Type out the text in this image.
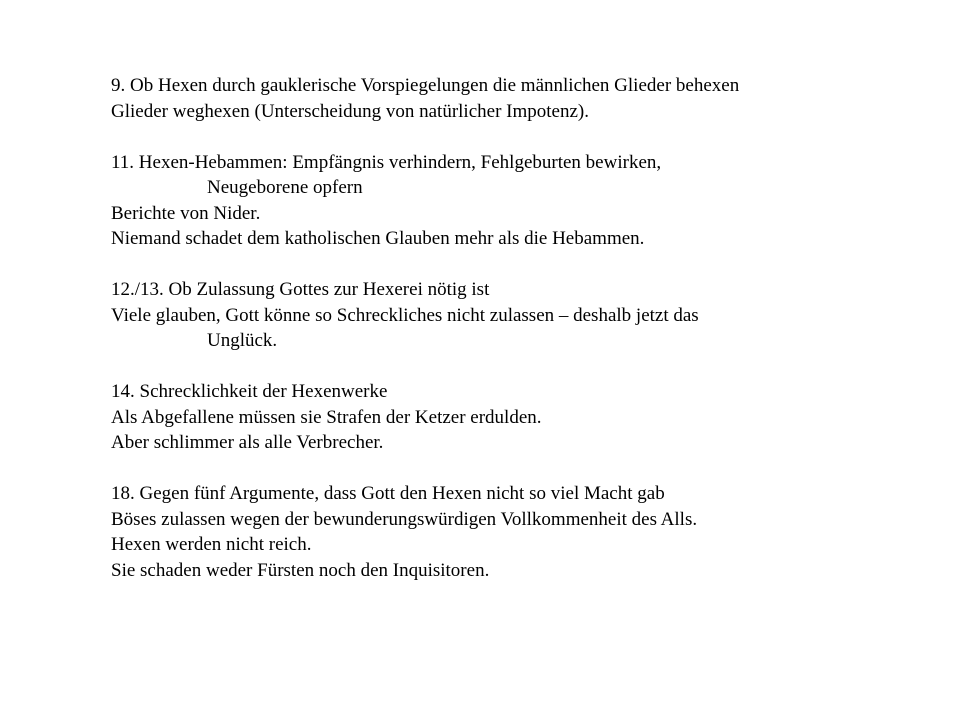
9. Ob Hexen durch gauklerische Vorspiegelungen die männlichen Glieder behexen
Glieder weghexen (Unterscheidung von natürlicher Impotenz).
11. Hexen-Hebammen: Empfängnis verhindern, Fehlgeburten bewirken,
Neugeborene opfern
Berichte von Nider.
Niemand schadet dem katholischen Glauben mehr als die Hebammen.
12./13. Ob Zulassung Gottes zur Hexerei nötig ist
Viele glauben, Gott könne so Schreckliches nicht zulassen – deshalb jetzt das
Unglück.
14. Schrecklichkeit der Hexenwerke
Als Abgefallene müssen sie Strafen der Ketzer erdulden.
Aber schlimmer als alle Verbrecher.
18. Gegen fünf Argumente, dass Gott den Hexen nicht so viel Macht gab
Böses zulassen wegen der bewunderungswürdigen Vollkommenheit des Alls.
Hexen werden nicht reich.
Sie schaden weder Fürsten noch den Inquisitoren.
